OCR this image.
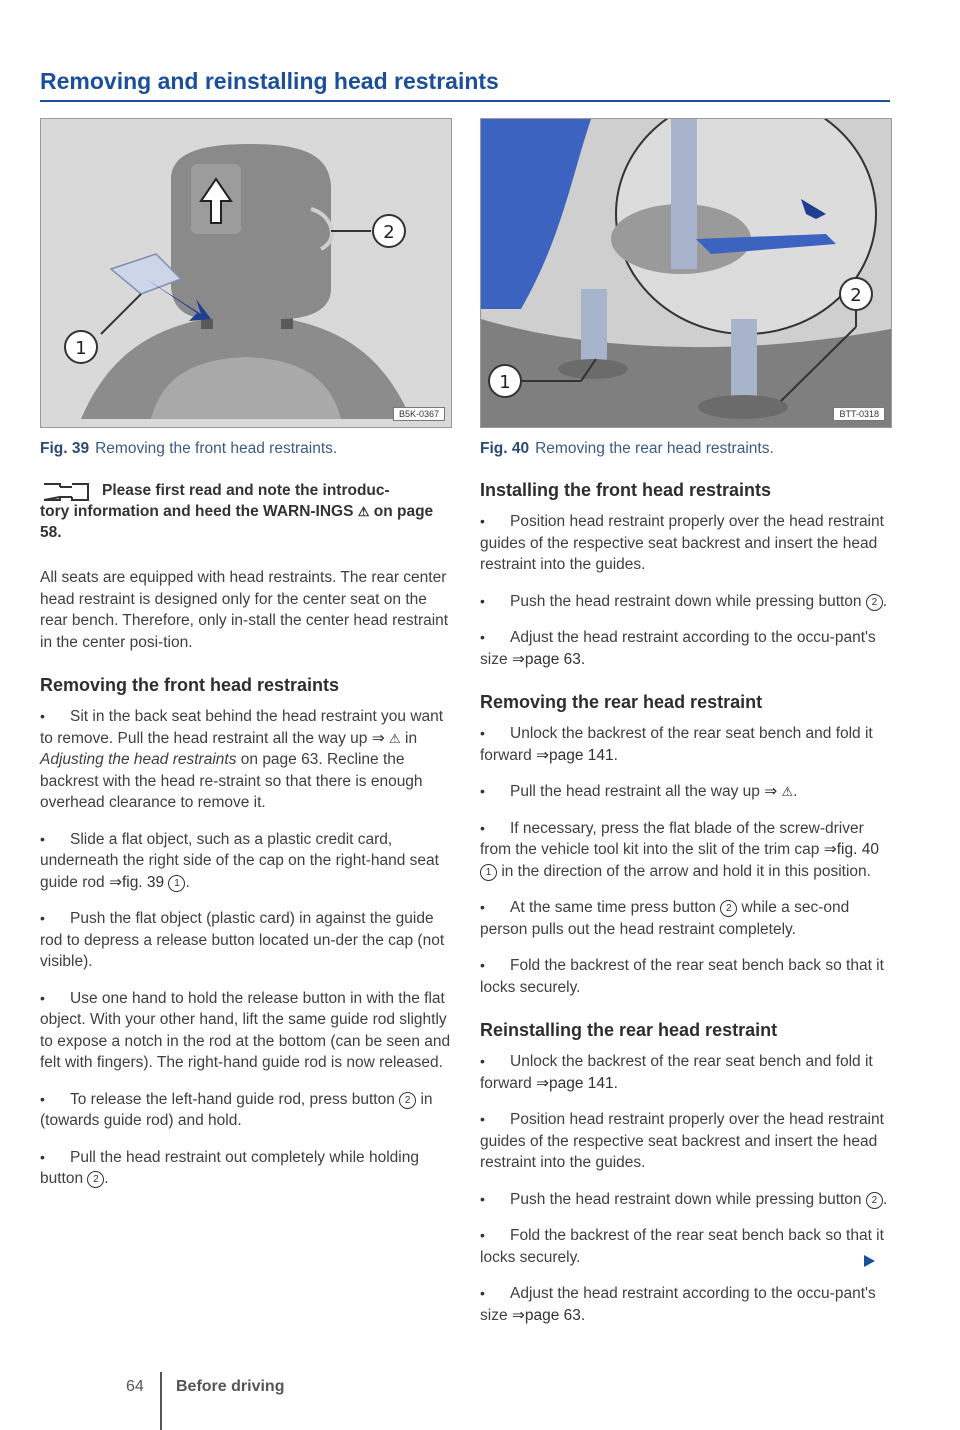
Removing and reinstalling head restraints
2
1
B5K-0367

Fig. 39 Removing the front head restraints.

Please first read and note the introduc-
tory information and heed the WARN-INGS ⚠ on page 58.

All seats are equipped with head restraints. The rear center head restraint is designed only for the center seat on the rear bench. Therefore, only in-stall the center head restraint in the center posi-tion.

Removing the front head restraints
• Sit in the back seat behind the head restraint you want to remove. Pull the head restraint all the way up ⇒ ⚠ in Adjusting the head restraints on page 63. Recline the backrest with the head re-straint so that there is enough overhead clearance to remove it.
• Slide a flat object, such as a plastic credit card, underneath the right side of the cap on the right-hand seat guide rod ⇒fig. 39 1 .
• Push the flat object (plastic card) in against the guide rod to depress a release button located un-der the cap (not visible).
• Use one hand to hold the release button in with the flat object. With your other hand, lift the same guide rod slightly to expose a notch in the rod at the bottom (can be seen and felt with fingers). The right-hand guide rod is now released.
• To release the left-hand guide rod, press button 2 in (towards guide rod) and hold.
• Pull the head restraint out completely while holding button 2 .
1
2
BTT-0318

Fig. 40 Removing the rear head restraints.

Installing the front head restraints
• Position head restraint properly over the head restraint guides of the respective seat backrest and insert the head restraint into the guides.
• Push the head restraint down while pressing button 2 .
• Adjust the head restraint according to the occu-pant's size ⇒page 63.
Removing the rear head restraint
• Unlock the backrest of the rear seat bench and fold it forward ⇒page 141.
• Pull the head restraint all the way up ⇒ ⚠.
• If necessary, press the flat blade of the screw-driver from the vehicle tool kit into the slit of the trim cap ⇒fig. 40 1 in the direction of the arrow and hold it in this position.
• At the same time press button 2 while a sec-ond person pulls out the head restraint completely.
• Fold the backrest of the rear seat bench back so that it locks securely.
Reinstalling the rear head restraint
• Unlock the backrest of the rear seat bench and fold it forward ⇒page 141.
• Position head restraint properly over the head restraint guides of the respective seat backrest and insert the head restraint into the guides.
• Push the head restraint down while pressing button 2 .
• Fold the backrest of the rear seat bench back so that it locks securely.
• Adjust the head restraint according to the occu-pant's size ⇒page 63.
64 Before driving
